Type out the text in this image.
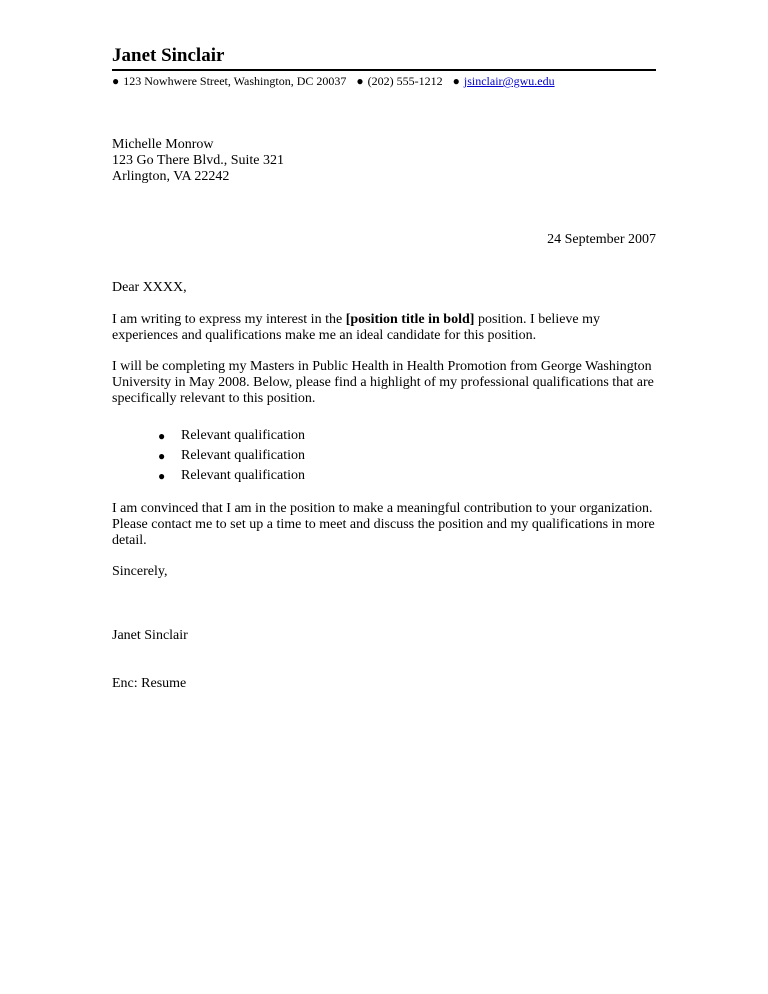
Janet Sinclair

● 123 Nowhwere Street, Washington, DC 20037 ● (202) 555-1212 ● jsinclair@gwu.edu
Michelle Monrow
123 Go There Blvd., Suite 321
Arlington, VA 22242
24 September 2007
Dear XXXX,

I am writing to express my interest in the [position title in bold] position. I believe my experiences and qualifications make me an ideal candidate for this position.

I will be completing my Masters in Public Health in Health Promotion from George Washington University in May 2008. Below, please find a highlight of my professional qualifications that are specifically relevant to this position.

● Relevant qualification
● Relevant qualification
● Relevant qualification

I am convinced that I am in the position to make a meaningful contribution to your organization. Please contact me to set up a time to meet and discuss the position and my qualifications in more detail.

Sincerely,
Janet Sinclair
Enc: Resume
